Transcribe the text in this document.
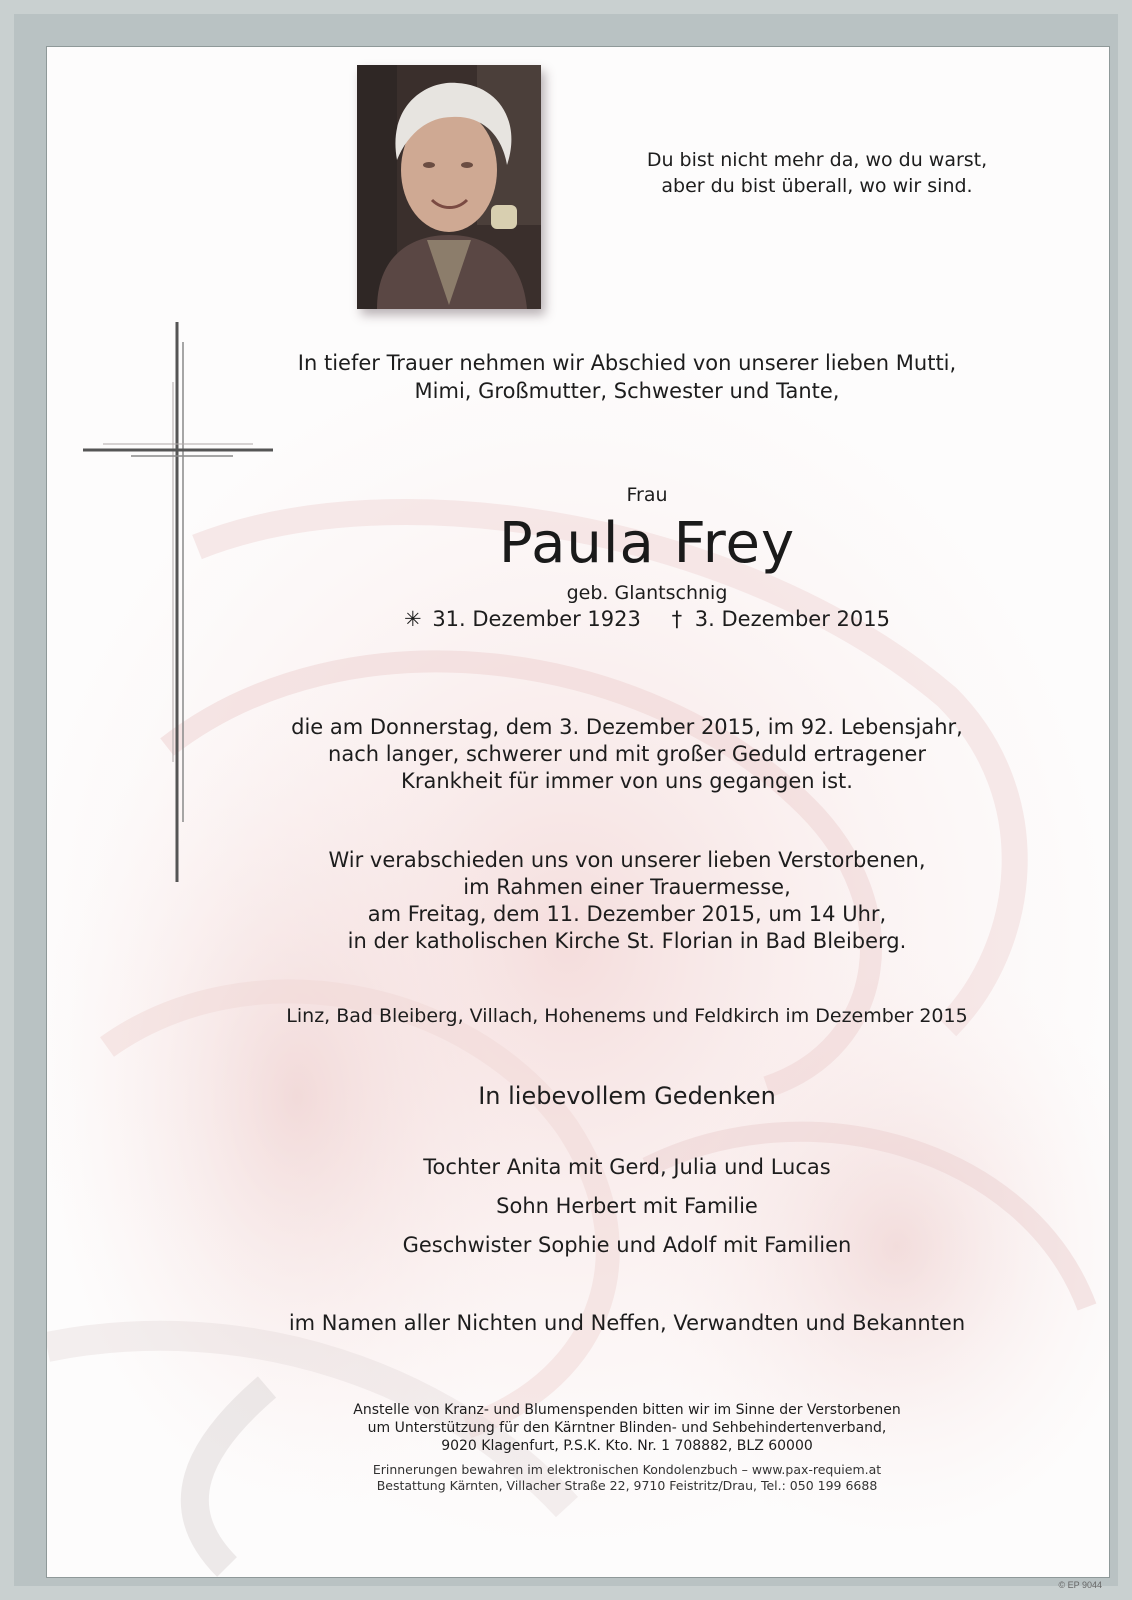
Du bist nicht mehr da, wo du warst,
aber du bist überall, wo wir sind.
In tiefer Trauer nehmen wir Abschied von unserer lieben Mutti,
Mimi, Großmutter, Schwester und Tante,
Frau
Paula Frey
geb. Glantschnig
✳ 31. Dezember 1923 † 3. Dezember 2015
die am Donnerstag, dem 3. Dezember 2015, im 92. Lebensjahr,
nach langer, schwerer und mit großer Geduld ertragener
Krankheit für immer von uns gegangen ist.
Wir verabschieden uns von unserer lieben Verstorbenen,
im Rahmen einer Trauermesse,
am Freitag, dem 11. Dezember 2015, um 14 Uhr,
in der katholischen Kirche St. Florian in Bad Bleiberg.
Linz, Bad Bleiberg, Villach, Hohenems und Feldkirch im Dezember 2015
In liebevollem Gedenken
Tochter Anita mit Gerd, Julia und Lucas
Sohn Herbert mit Familie
Geschwister Sophie und Adolf mit Familien
im Namen aller Nichten und Neffen, Verwandten und Bekannten
Anstelle von Kranz- und Blumenspenden bitten wir im Sinne der Verstorbenen
um Unterstützung für den Kärntner Blinden- und Sehbehindertenverband,
9020 Klagenfurt, P.S.K. Kto. Nr. 1 708882, BLZ 60000
Erinnerungen bewahren im elektronischen Kondolenzbuch – www.pax-requiem.at
Bestattung Kärnten, Villacher Straße 22, 9710 Feistritz/Drau, Tel.: 050 199 6688
© EP 9044
